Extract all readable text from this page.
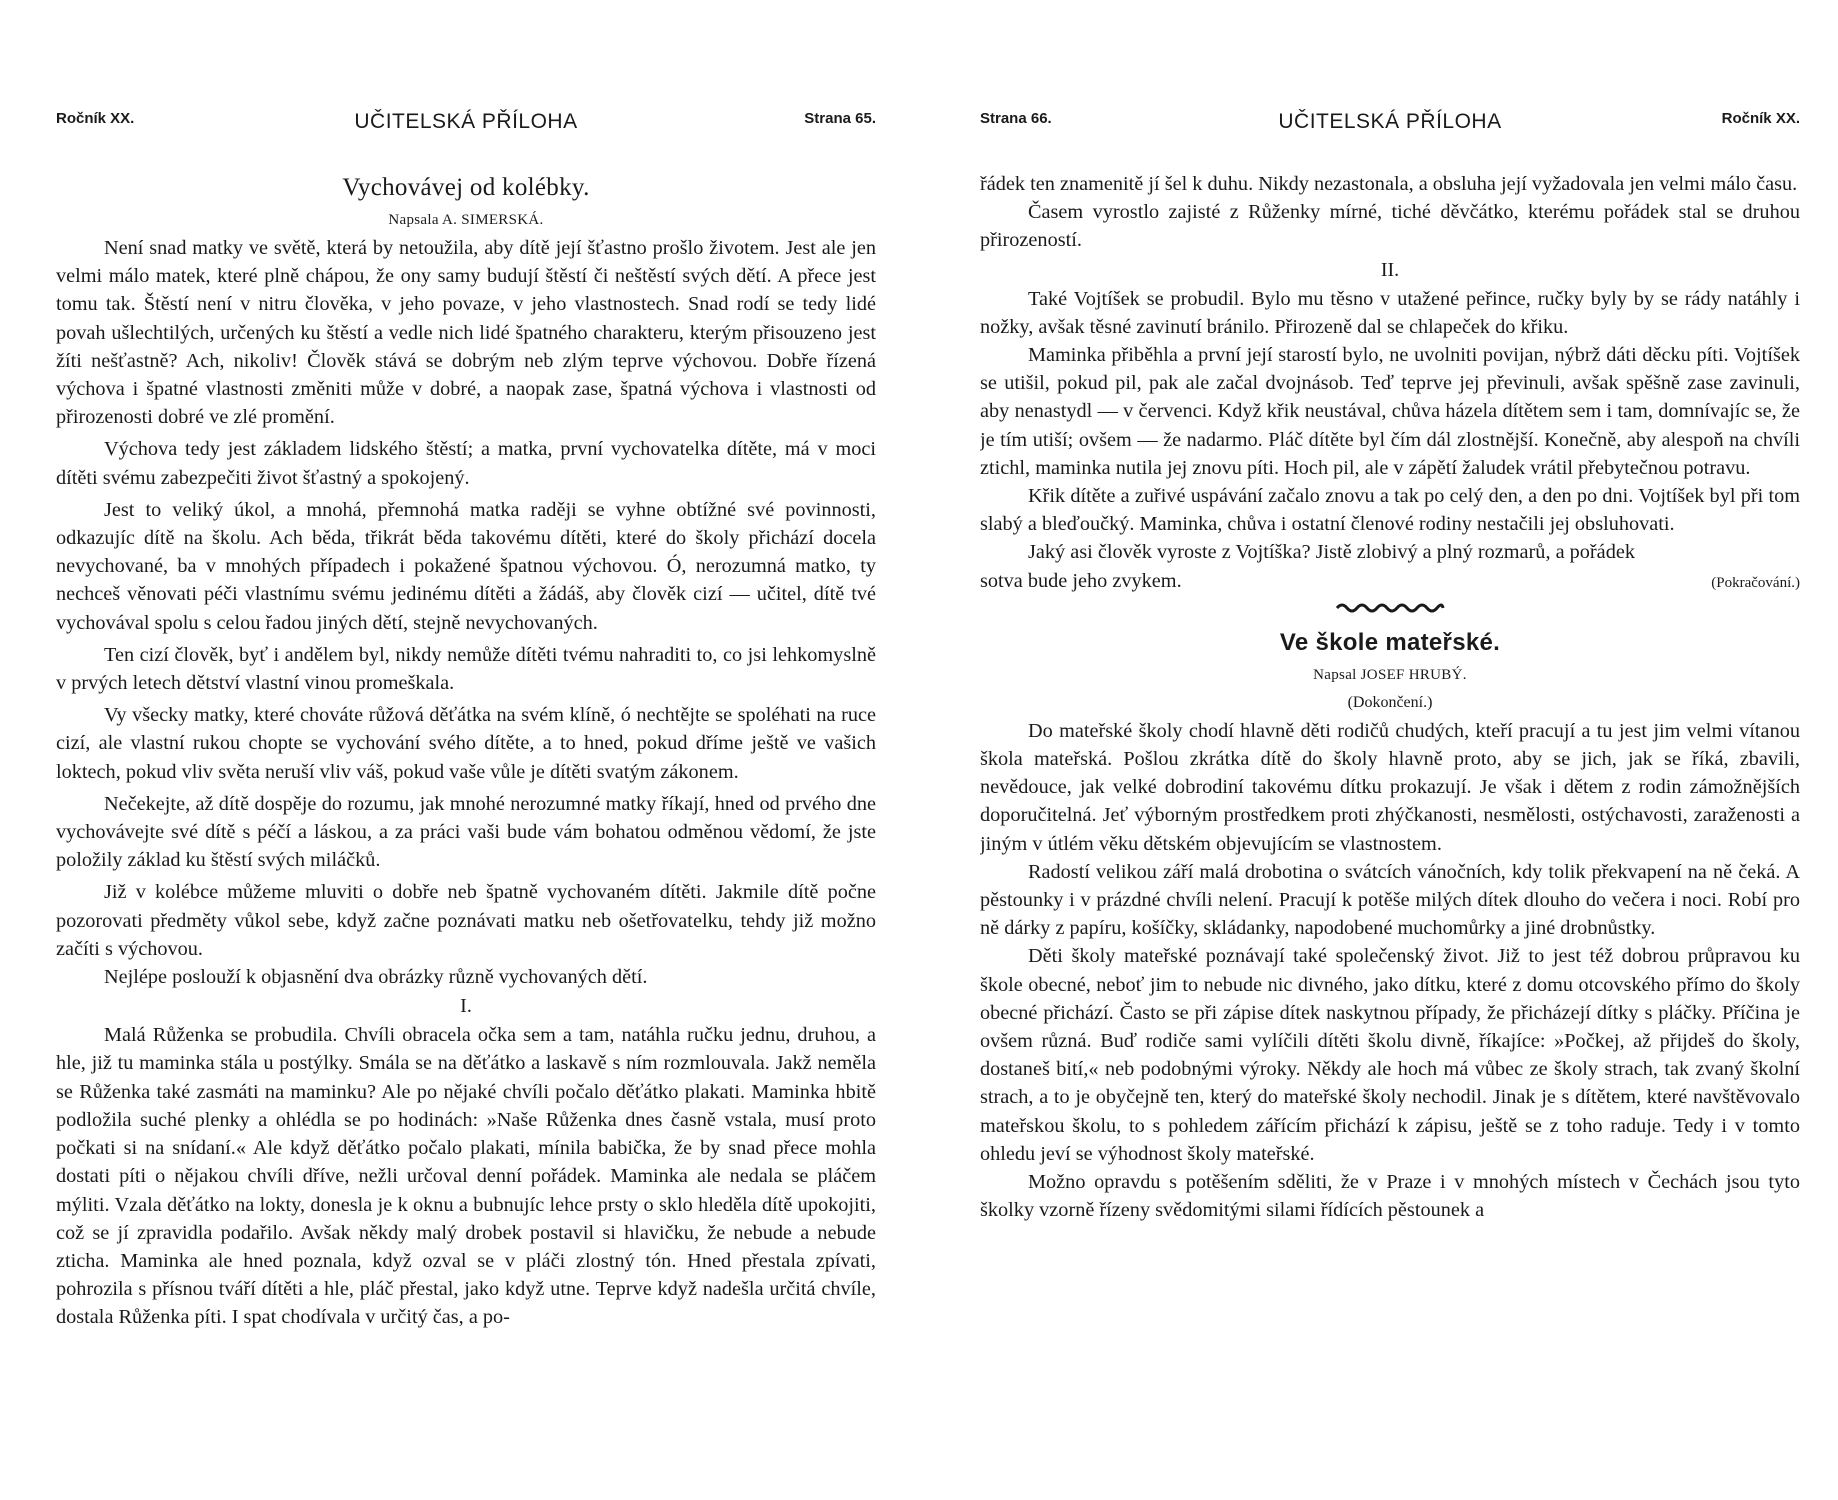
Ročník XX.	UČITELSKÁ PŘÍLOHA	Strana 65.
Vychovávej od kolébky.
Napsala A. SIMERSKÁ.

Není snad matky ve světě, která by netoužila, aby dítě její šťastno prošlo životem. Jest ale jen velmi málo matek, které plně chápou, že ony samy budují štěstí či neštěstí svých dětí. A přece jest tomu tak. Štěstí není v nitru člověka, v jeho povaze, v jeho vlastnostech. Snad rodí se tedy lidé povah ušlechtilých, určených ku štěstí a vedle nich lidé špatného charakteru, kterým přisouzeno jest žíti nešťastně? Ach, nikoliv! Člověk stává se dobrým neb zlým teprve výchovou. Dobře řízená výchova i špatné vlastnosti změniti může v dobré, a naopak zase, špatná výchova i vlastnosti od přirozenosti dobré ve zlé promění.

Výchova tedy jest základem lidského štěstí; a matka, první vychovatelka dítěte, má v moci dítěti svému zabezpečiti život šťastný a spokojený.

Jest to veliký úkol, a mnohá, přemnohá matka raději se vyhne obtížné své povinnosti, odkazujíc dítě na školu. Ach běda, třikrát běda takovému dítěti, které do školy přichází docela nevychované, ba v mnohých případech i pokažené špatnou výchovou. Ó, nerozumná matko, ty nechceš věnovati péči vlastnímu svému jedinému dítěti a žádáš, aby člověk cizí — učitel, dítě tvé vychovával spolu s celou řadou jiných dětí, stejně nevychovaných.

Ten cizí člověk, byť i andělem byl, nikdy nemůže dítěti tvému nahraditi to, co jsi lehkomyslně v prvých letech dětství vlastní vinou promeškala.

Vy všecky matky, které chováte růžová děťátka na svém klíně, ó nechtějte se spoléhati na ruce cizí, ale vlastní rukou chopte se vychování svého dítěte, a to hned, pokud dříme ještě ve vašich loktech, pokud vliv světa neruší vliv váš, pokud vaše vůle je dítěti svatým zákonem.

Nečekejte, až dítě dospěje do rozumu, jak mnohé nerozumné matky říkají, hned od prvého dne vychovávejte své dítě s péčí a láskou, a za práci vaši bude vám bohatou odměnou vědomí, že jste položily základ ku štěstí svých miláčků.

Již v kolébce můžeme mluviti o dobře neb špatně vychovaném dítěti. Jakmile dítě počne pozorovati předměty vůkol sebe, když začne poznávati matku neb ošetřovatelku, tehdy již možno začíti s výchovou.

Nejlépe poslouží k objasnění dva obrázky různě vychovaných dětí.

I.

Malá Růženka se probudila. Chvíli obracela očka sem a tam, natáhla ručku jednu, druhou, a hle, již tu maminka stála u postýlky. Smála se na děťátko a laskavě s ním rozmlouvala. Jakž neměla se Růženka také zasmáti na maminku? Ale po nějaké chvíli počalo děťátko plakati. Maminka hbitě podložila suché plenky a ohlédla se po hodinách: »Naše Růženka dnes časně vstala, musí proto počkati si na snídaní.« Ale když děťátko počalo plakati, mínila babička, že by snad přece mohla dostati píti o nějakou chvíli dříve, nežli určoval denní pořádek. Maminka ale nedala se pláčem mýliti. Vzala děťátko na lokty, donesla je k oknu a bubnujíc lehce prsty o sklo hleděla dítě upokojiti, což se jí zpravidla podařilo. Avšak někdy malý drobek postavil si hlavičku, že nebude a nebude zticha. Maminka ale hned poznala, když ozval se v pláči zlostný tón. Hned přestala zpívati, pohrozila s přísnou tváří dítěti a hle, pláč přestal, jako když utne. Teprve když nadešla určitá chvíle, dostala Růženka píti. I spat chodívala v určitý čas, a po-

Strana 66.	UČITELSKÁ PŘÍLOHA	Ročník XX.

řádek ten znamenitě jí šel k duhu. Nikdy nezastonala, a obsluha její vyžadovala jen velmi málo času.

Časem vyrostlo zajisté z Růženky mírné, tiché děvčátko, kterému pořádek stal se druhou přirozeností.

II.

Také Vojtíšek se probudil. Bylo mu těsno v utažené peřince, ručky byly by se rády natáhly i nožky, avšak těsné zavinutí bránilo. Přirozeně dal se chlapeček do křiku.

Maminka přiběhla a první její starostí bylo, ne uvolniti povijan, nýbrž dáti děcku píti. Vojtíšek se utišil, pokud pil, pak ale začal dvojnásob. Teď teprve jej převinuli, avšak spěšně zase zavinuli, aby nenastydl — v červenci. Když křik neustával, chůva házela dítětem sem i tam, domnívajíc se, že je tím utiší; ovšem — že nadarmo. Pláč dítěte byl čím dál zlostnější. Konečně, aby alespoň na chvíli ztichl, maminka nutila jej znovu píti. Hoch pil, ale v zápětí žaludek vrátil přebytečnou potravu.

Křik dítěte a zuřivé uspávání začalo znovu a tak po celý den, a den po dni. Vojtíšek byl při tom slabý a bleďoučký. Maminka, chůva i ostatní členové rodiny nestačili jej obsluhovati.

Jaký asi člověk vyroste z Vojtíška? Jistě zlobivý a plný rozmarů, a pořádek

sotva bude jeho zvykem.	(Pokračování.)

Ve škole mateřské.
Napsal JOSEF HRUBÝ.
(Dokončení.)

Do mateřské školy chodí hlavně děti rodičů chudých, kteří pracují a tu jest jim velmi vítanou škola mateřská. Pošlou zkrátka dítě do školy hlavně proto, aby se jich, jak se říká, zbavili, nevědouce, jak velké dobrodiní takovému dítku prokazují. Je však i dětem z rodin zámožnějších doporučitelná. Jeť výborným prostředkem proti zhýčkanosti, nesmělosti, ostýchavosti, zaraženosti a jiným v útlém věku dětském objevujícím se vlastnostem.

Radostí velikou září malá drobotina o svátcích vánočních, kdy tolik překvapení na ně čeká. A pěstounky i v prázdné chvíli nelení. Pracují k potěše milých dítek dlouho do večera i noci. Robí pro ně dárky z papíru, košíčky, skládanky, napodobené muchomůrky a jiné drobnůstky.

Děti školy mateřské poznávají také společenský život. Již to jest též dobrou průpravou ku škole obecné, neboť jim to nebude nic divného, jako dítku, které z domu otcovského přímo do školy obecné přichází. Často se při zápise dítek naskytnou případy, že přicházejí dítky s pláčky. Příčina je ovšem různá. Buď rodiče sami vylíčili dítěti školu divně, říkajíce: »Počkej, až přijdeš do školy, dostaneš bití,« neb podobnými výroky. Někdy ale hoch má vůbec ze školy strach, tak zvaný školní strach, a to je obyčejně ten, který do mateřské školy nechodil. Jinak je s dítětem, které navštěvovalo mateřskou školu, to s pohledem zářícím přichází k zápisu, ještě se z toho raduje. Tedy i v tomto ohledu jeví se výhodnost školy mateřské.

Možno opravdu s potěšením sděliti, že v Praze i v mnohých místech v Čechách jsou tyto školky vzorně řízeny svědomitými silami řídících pěstounek a
